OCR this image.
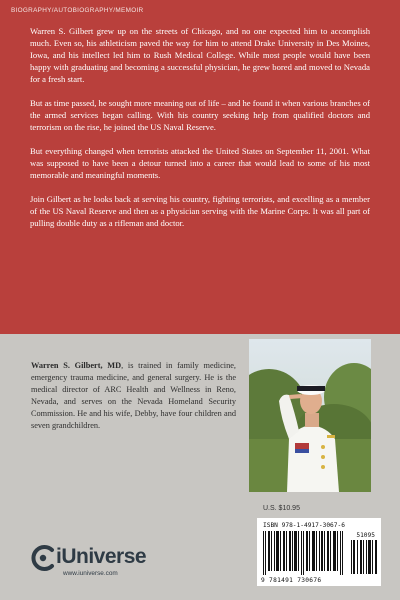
BIOGRAPHY/AUTOBIOGRAPHY/MEMOIR

Warren S. Gilbert grew up on the streets of Chicago, and no one expected him to accomplish much. Even so, his athleticism paved the way for him to attend Drake University in Des Moines, Iowa, and his intellect led him to Rush Medical College. While most people would have been happy with graduating and becoming a successful physician, he grew bored and moved to Nevada for a fresh start.

But as time passed, he sought more meaning out of life – and he found it when various branches of the armed services began calling. With his country seeking help from qualified doctors and terrorism on the rise, he joined the US Naval Reserve.

But everything changed when terrorists attacked the United States on September 11, 2001. What was supposed to have been a detour turned into a career that would lead to some of his most memorable and meaningful moments.

Join Gilbert as he looks back at serving his country, fighting terrorists, and excelling as a member of the US Naval Reserve and then as a physician serving with the Marine Corps. It was all part of pulling double duty as a rifleman and doctor.

Warren S. Gilbert, MD, is trained in family medicine, emergency trauma medicine, and general surgery. He is the medical director of ARC Health and Wellness in Reno, Nevada, and serves on the Nevada Homeland Security Commission. He and his wife, Debby, have four children and seven grandchildren.
U.S. $10.95
ISBN 978-1-4917-3067-6
51095
9 781491 730676
iUniverse
www.iuniverse.com
